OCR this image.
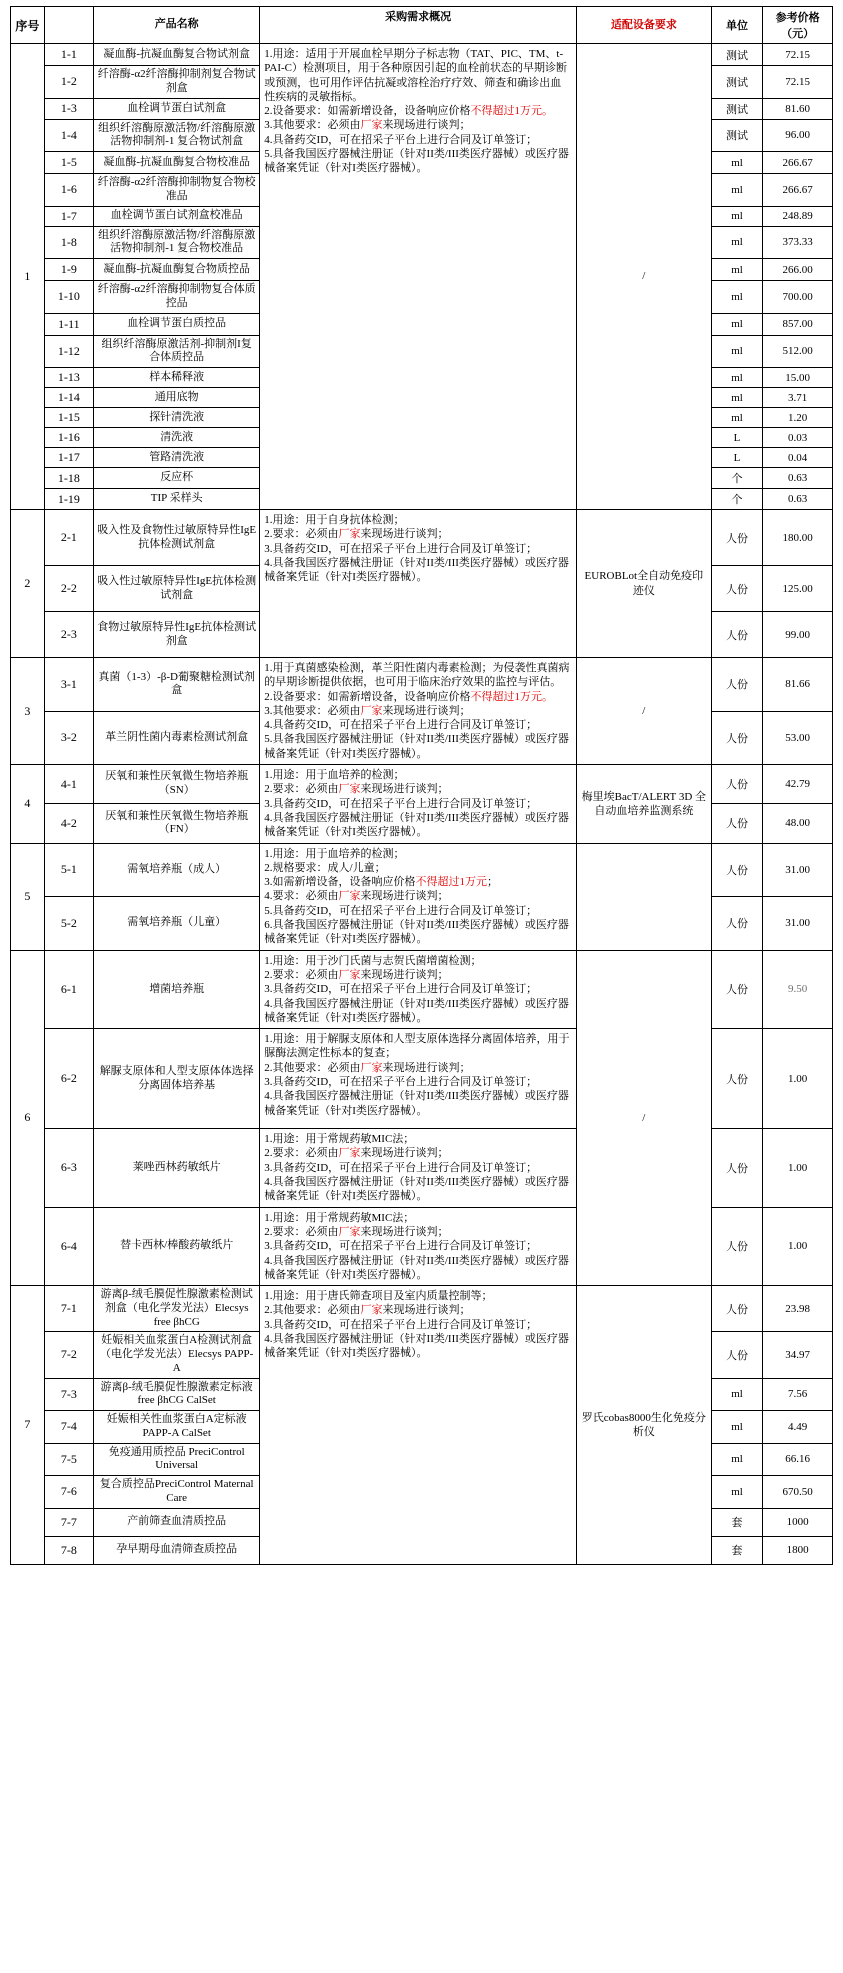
序号		产品名称	采购需求概况	适配设备要求	单位	参考价格（元）
1	1-1	凝血酶-抗凝血酶复合物试剂盒	1.用途：适用于开展血栓早期分子标志物（TAT、PIC、TM、t-PAI-C）检测项目，用于各种原因引起的血栓前状态的早期诊断或预测，也可用作评估抗凝或溶栓治疗疗效、筛查和确诊出血性疾病的灵敏指标。
2.设备要求：如需新增设备，设备响应价格不得超过1万元。
3.其他要求：必须由厂家来现场进行谈判；
4.具备药交ID，可在招采子平台上进行合同及订单签订；
5.具备我国医疗器械注册证（针对II类/III类医疗器械）或医疗器械备案凭证（针对I类医疗器械）。	/	测试	72.15
	1-2	纤溶酶-α2纤溶酶抑制剂复合物试剂盒			测试	72.15
	1-3	血栓调节蛋白试剂盒			测试	81.60
	1-4	组织纤溶酶原激活物/纤溶酶原激活物抑制剂-1 复合物试剂盒			测试	96.00
	1-5	凝血酶-抗凝血酶复合物校准品			ml	266.67
	1-6	纤溶酶-α2纤溶酶抑制物复合物校准品			ml	266.67
	1-7	血栓调节蛋白试剂盒校准品			ml	248.89
	1-8	组织纤溶酶原激活物/纤溶酶原激活物抑制剂-1 复合物校准品			ml	373.33
	1-9	凝血酶-抗凝血酶复合物质控品			ml	266.00
	1-10	纤溶酶-α2纤溶酶抑制物复合体质控品			ml	700.00
	1-11	血栓调节蛋白质控品			ml	857.00
	1-12	组织纤溶酶原激活剂-抑制剂I复合体质控品			ml	512.00
	1-13	样本稀释液			ml	15.00
	1-14	通用底物			ml	3.71
	1-15	探针清洗液			ml	1.20
	1-16	清洗液			L	0.03
	1-17	管路清洗液			L	0.04
	1-18	反应杯			个	0.63
	1-19	TIP 采样头			个	0.63
2	2-1	吸入性及食物性过敏原特异性IgE 抗体检测试剂盒	1.用途：用于自身抗体检测；
2.要求：必须由厂家来现场进行谈判；
3.具备药交ID，可在招采子平台上进行合同及订单签订；
4.具备我国医疗器械注册证（针对II类/III类医疗器械）或医疗器械备案凭证（针对I类医疗器械）。	EUROBLot全自动免疫印迹仪	人份	180.00
	2-2	吸入性过敏原特异性IgE抗体检测试剂盒			人份	125.00
	2-3	食物过敏原特异性IgE抗体检测试剂盒			人份	99.00
3	3-1	真菌（1-3）-β-D葡聚糖检测试剂盒	1.用于真菌感染检测，革兰阳性菌内毒素检测；为侵袭性真菌病的早期诊断提供依据，也可用于临床治疗效果的监控与评估。
2.设备要求：如需新增设备，设备响应价格不得超过1万元。
3.其他要求：必须由厂家来现场进行谈判；
4.具备药交ID，可在招采子平台上进行合同及订单签订；
5.具备我国医疗器械注册证（针对II类/III类医疗器械）或医疗器械备案凭证（针对I类医疗器械）。	/	人份	81.66
	3-2	革兰阴性菌内毒素检测试剂盒			人份	53.00
4	4-1	厌氧和兼性厌氧微生物培养瓶（SN）	1.用途：用于血培养的检测；
2.要求：必须由厂家来现场进行谈判；
3.具备药交ID，可在招采子平台上进行合同及订单签订；
4.具备我国医疗器械注册证（针对II类/III类医疗器械）或医疗器械备案凭证（针对I类医疗器械）。	梅里埃BacT/ALERT 3D 全自动血培养监测系统	人份	42.79
	4-2	厌氧和兼性厌氧微生物培养瓶（FN）			人份	48.00
5	5-1	需氧培养瓶（成人）	1.用途：用于血培养的检测；
2.规格要求：成人/儿童；
3.如需新增设备，设备响应价格不得超过1万元；
4.要求：必须由厂家来现场进行谈判；
5.具备药交ID，可在招采子平台上进行合同及订单签订；
6.具备我国医疗器械注册证（针对II类/III类医疗器械）或医疗器械备案凭证（针对I类医疗器械）。		人份	31.00
	5-2	需氧培养瓶（儿童）			人份	31.00
6	6-1	增菌培养瓶	1.用途：用于沙门氏菌与志贺氏菌增菌检测；
2.要求：必须由厂家来现场进行谈判；
3.具备药交ID，可在招采子平台上进行合同及订单签订；
4.具备我国医疗器械注册证（针对II类/III类医疗器械）或医疗器械备案凭证（针对I类医疗器械）。	/	人份	9.50
	6-2	解脲支原体和人型支原体体选择分离固体培养基	1.用途：用于解脲支原体和人型支原体选择分离固体培养，用于脲酶法测定性标本的复查；
2.其他要求：必须由厂家来现场进行谈判；
3.具备药交ID，可在招采子平台上进行合同及订单签订；
4.具备我国医疗器械注册证（针对II类/III类医疗器械）或医疗器械备案凭证（针对I类医疗器械）。		人份	1.00
	6-3	莱唑西林药敏纸片	1.用途：用于常规药敏MIC法；
2.要求：必须由厂家来现场进行谈判；
3.具备药交ID，可在招采子平台上进行合同及订单签订；
4.具备我国医疗器械注册证（针对II类/III类医疗器械）或医疗器械备案凭证（针对I类医疗器械）。		人份	1.00
	6-4	替卡西林/棒酸药敏纸片	1.用途：用于常规药敏MIC法；
2.要求：必须由厂家来现场进行谈判；
3.具备药交ID，可在招采子平台上进行合同及订单签订；
4.具备我国医疗器械注册证（针对II类/III类医疗器械）或医疗器械备案凭证（针对I类医疗器械）。		人份	1.00
7	7-1	游离β-绒毛膜促性腺激素检测试剂盒（电化学发光法）Elecsys free βhCG	1.用途：用于唐氏筛查项目及室内质量控制等；
2.其他要求：必须由厂家来现场进行谈判；
3.具备药交ID，可在招采子平台上进行合同及订单签订；
4.具备我国医疗器械注册证（针对II类/III类医疗器械）或医疗器械备案凭证（针对I类医疗器械）。	罗氏cobas8000生化免疫分析仪	人份	23.98
	7-2	妊娠相关血浆蛋白A检测试剂盒（电化学发光法）Elecsys PAPP-A			人份	34.97
	7-3	游离β-绒毛膜促性腺激素定标液 free βhCG CalSet			ml	7.56
	7-4	妊娠相关性血浆蛋白A定标液 PAPP-A CalSet			ml	4.49
	7-5	免疫通用质控品 PreciControl Universal			ml	66.16
	7-6	复合质控品PreciControl Maternal Care			ml	670.50
	7-7	产前筛查血清质控品			套	1000
	7-8	孕早期母血清筛查质控品			套	1800
